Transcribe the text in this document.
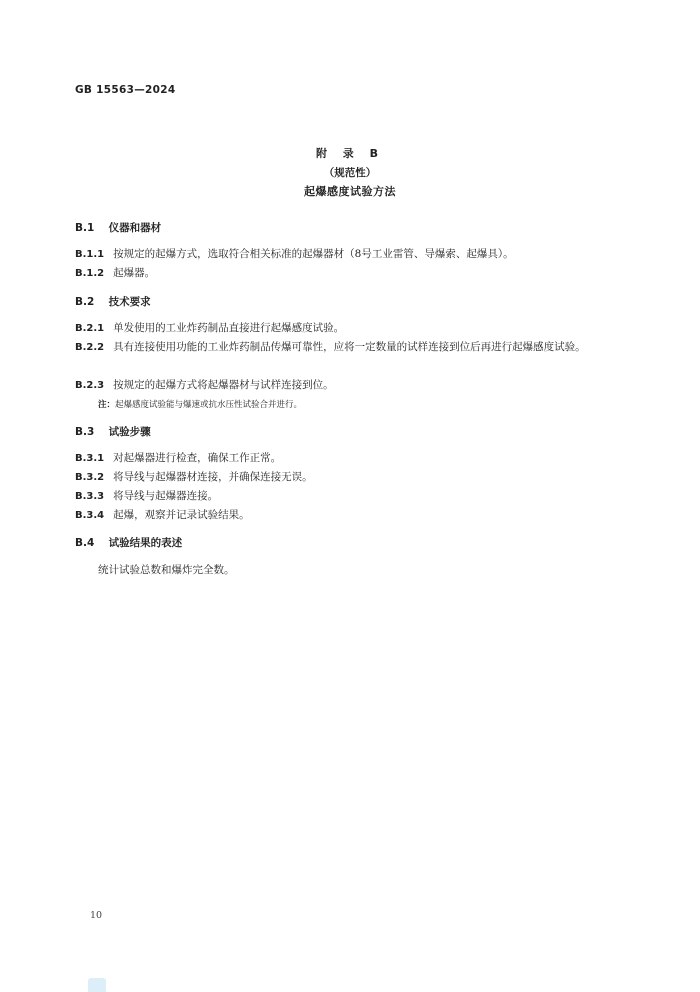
GB 15563—2024
附 录 B
（规范性）
起爆感度试验方法
B.1 仪器和器材
B.1.1 按规定的起爆方式，选取符合相关标准的起爆器材（8号工业雷管、导爆索、起爆具）。
B.1.2 起爆器。
B.2 技术要求
B.2.1 单发使用的工业炸药制品直接进行起爆感度试验。
B.2.2 具有连接使用功能的工业炸药制品传爆可靠性，应将一定数量的试样连接到位后再进行起爆感度试验。
B.2.3 按规定的起爆方式将起爆器材与试样连接到位。
注：起爆感度试验能与爆速或抗水压性试验合并进行。
B.3 试验步骤
B.3.1 对起爆器进行检查，确保工作正常。
B.3.2 将导线与起爆器材连接，并确保连接无误。
B.3.3 将导线与起爆器连接。
B.3.4 起爆，观察并记录试验结果。
B.4 试验结果的表述
统计试验总数和爆炸完全数。
10
